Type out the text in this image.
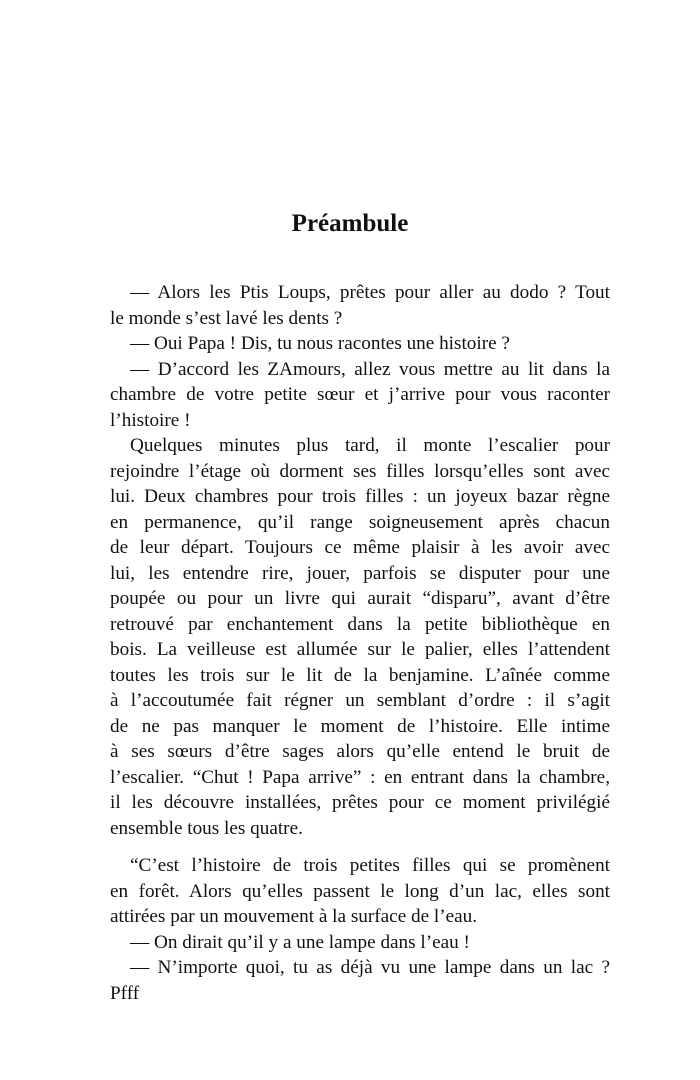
Préambule
— Alors les Ptis Loups, prêtes pour aller au dodo ? Tout
le monde s’est lavé les dents ?
— Oui Papa ! Dis, tu nous racontes une histoire ?
— D’accord les ZAmours, allez vous mettre au lit dans la
chambre de votre petite sœur et j’arrive pour vous raconter
l’histoire !
Quelques minutes plus tard, il monte l’escalier pour
rejoindre l’étage où dorment ses filles lorsqu’elles sont avec
lui. Deux chambres pour trois filles : un joyeux bazar règne
en permanence, qu’il range soigneusement après chacun
de leur départ. Toujours ce même plaisir à les avoir avec
lui, les entendre rire, jouer, parfois se disputer pour une
poupée ou pour un livre qui aurait “disparu”, avant d’être
retrouvé par enchantement dans la petite bibliothèque en
bois. La veilleuse est allumée sur le palier, elles l’attendent
toutes les trois sur le lit de la benjamine. L’aînée comme
à l’accoutumée fait régner un semblant d’ordre : il s’agit
de ne pas manquer le moment de l’histoire. Elle intime
à ses sœurs d’être sages alors qu’elle entend le bruit de
l’escalier. “Chut ! Papa arrive” : en entrant dans la chambre,
il les découvre installées, prêtes pour ce moment privilégié
ensemble tous les quatre.
“C’est l’histoire de trois petites filles qui se promènent
en forêt. Alors qu’elles passent le long d’un lac, elles sont
attirées par un mouvement à la surface de l’eau.
— On dirait qu’il y a une lampe dans l’eau !
— N’importe quoi, tu as déjà vu une lampe dans un lac ?
Pfff
